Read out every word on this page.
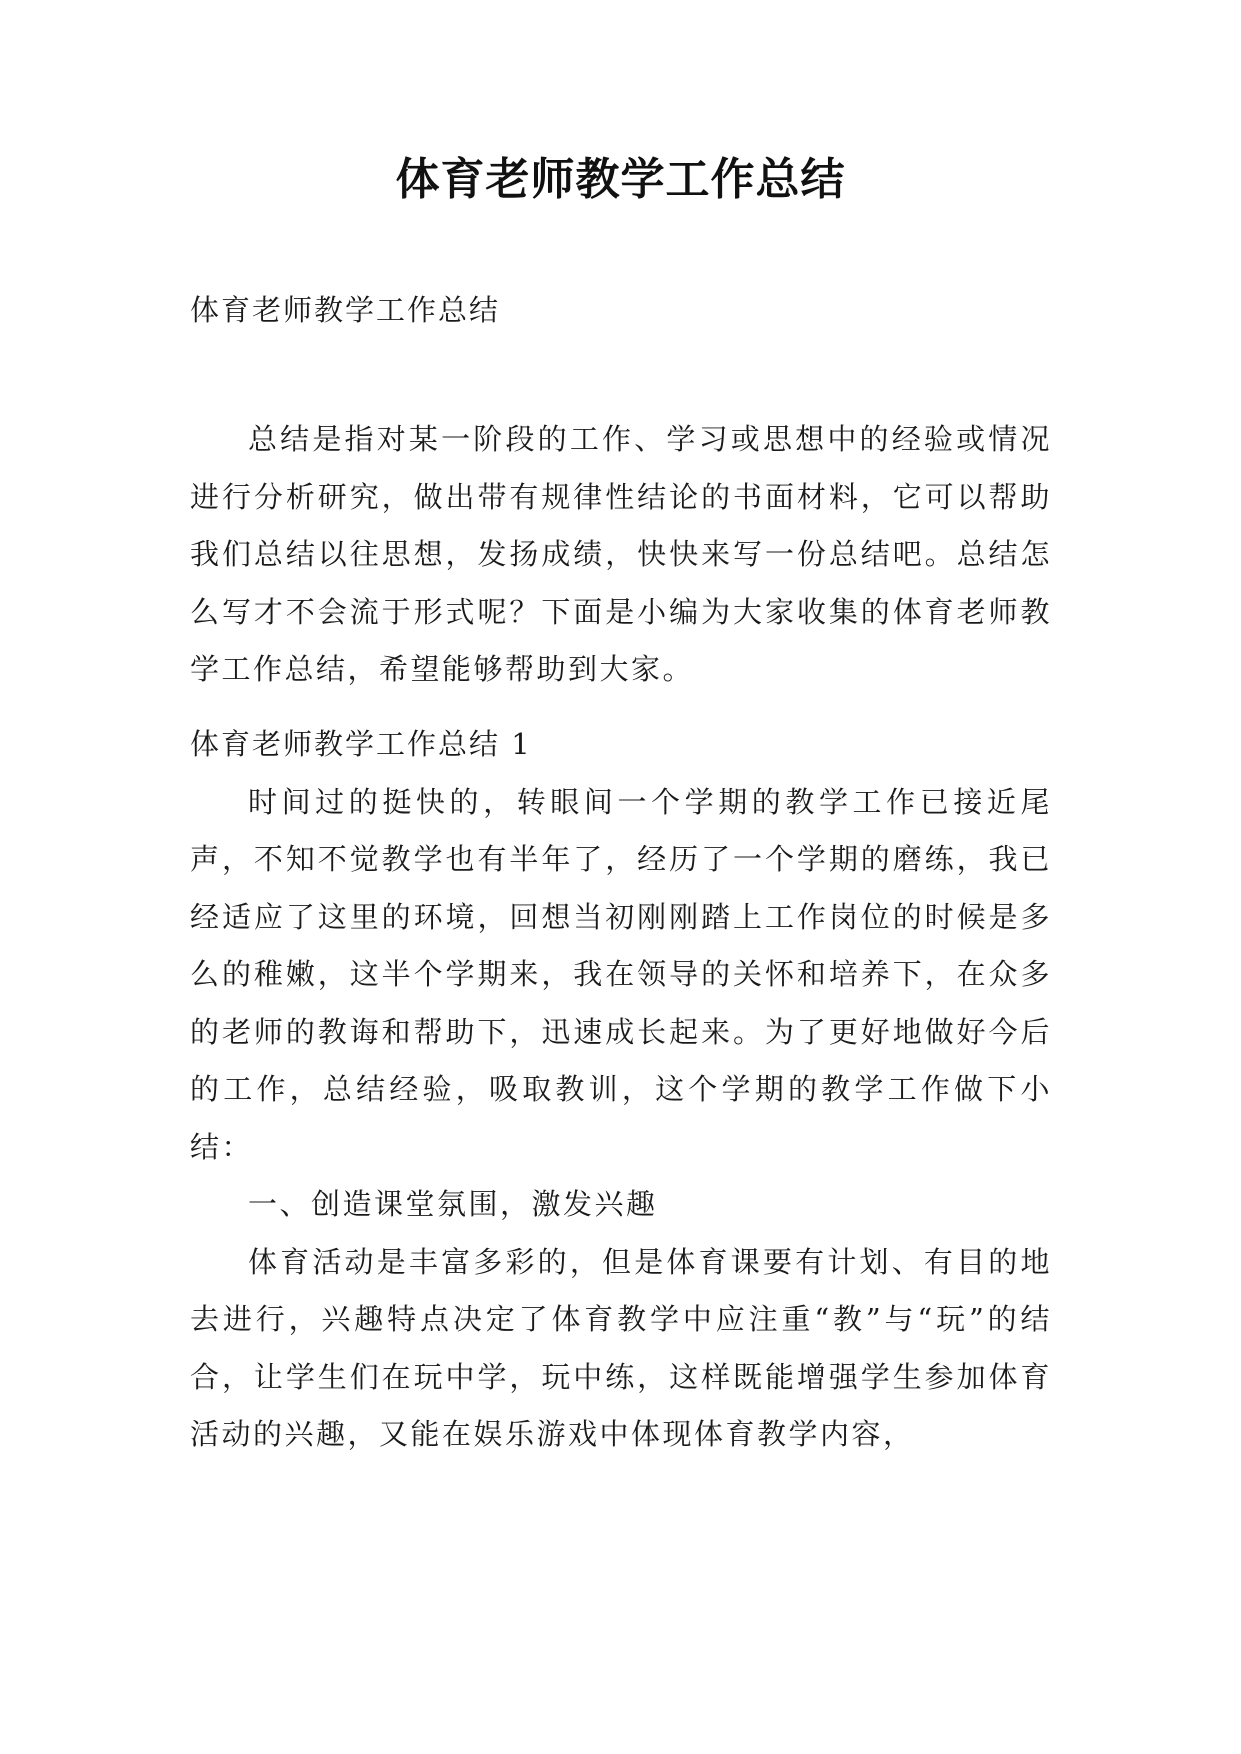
体育老师教学工作总结

体育老师教学工作总结

总结是指对某一阶段的工作、学习或思想中的经验或情况进行分析研究，做出带有规律性结论的书面材料，它可以帮助我们总结以往思想，发扬成绩，快快来写一份总结吧。总结怎么写才不会流于形式呢？下面是小编为大家收集的体育老师教学工作总结，希望能够帮助到大家。

体育老师教学工作总结 1

时间过的挺快的，转眼间一个学期的教学工作已接近尾声，不知不觉教学也有半年了，经历了一个学期的磨练，我已经适应了这里的环境，回想当初刚刚踏上工作岗位的时候是多么的稚嫩，这半个学期来，我在领导的关怀和培养下，在众多的老师的教诲和帮助下，迅速成长起来。为了更好地做好今后的工作，总结经验，吸取教训，这个学期的教学工作做下小结：

一、创造课堂氛围，激发兴趣

体育活动是丰富多彩的，但是体育课要有计划、有目的地去进行，兴趣特点决定了体育教学中应注重“教”与“玩”的结合，让学生们在玩中学，玩中练，这样既能增强学生参加体育活动的兴趣，又能在娱乐游戏中体现体育教学内容，
